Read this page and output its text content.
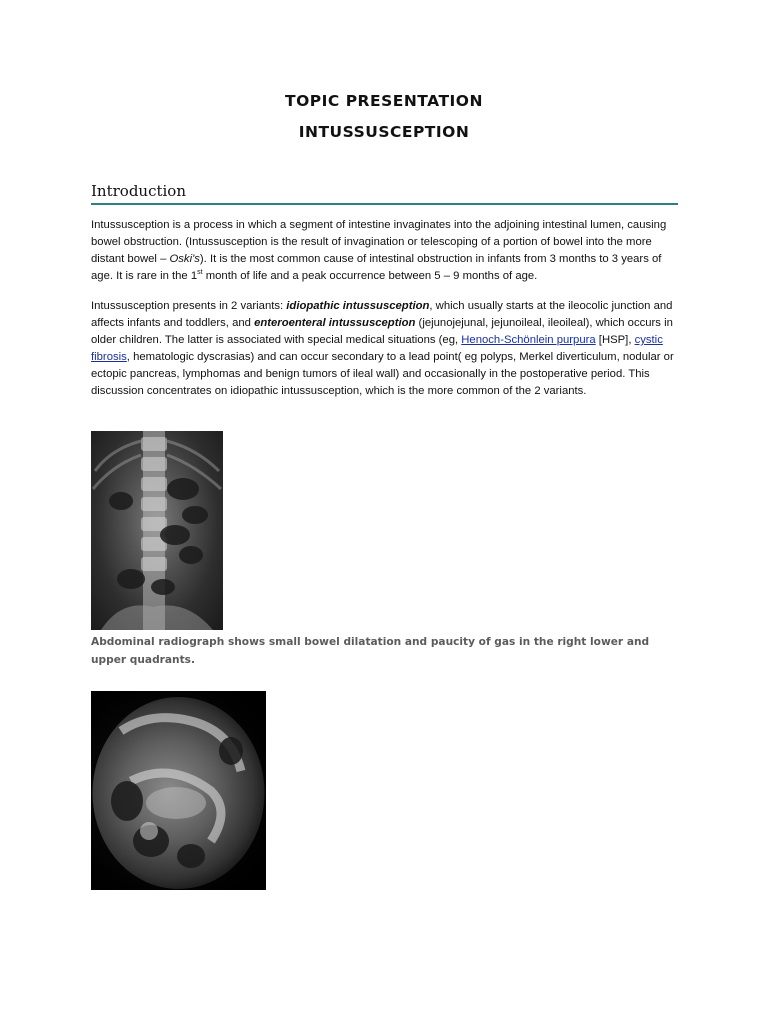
TOPIC PRESENTATION
INTUSSUSCEPTION
Introduction

Intussusception is a process in which a segment of intestine invaginates into the adjoining intestinal lumen, causing bowel obstruction. (Intussusception is the result of invagination or telescoping of a portion of bowel into the more distant bowel – Oski's). It is the most common cause of intestinal obstruction in infants from 3 months to 3 years of age. It is rare in the 1st month of life and a peak occurrence between 5 – 9 months of age.

Intussusception presents in 2 variants: idiopathic intussusception, which usually starts at the ileocolic junction and affects infants and toddlers, and enteroenteral intussusception (jejunojejunal, jejunoileal, ileoileal), which occurs in older children. The latter is associated with special medical situations (eg, Henoch-Schönlein purpura [HSP], cystic fibrosis, hematologic dyscrasias) and can occur secondary to a lead point( eg polyps, Merkel diverticulum, nodular or ectopic pancreas, lymphomas and benign tumors of ileal wall) and occasionally in the postoperative period. This discussion concentrates on idiopathic intussusception, which is the more common of the 2 variants.

Abdominal radiograph shows small bowel dilatation and paucity of gas in the right lower and upper quadrants.
